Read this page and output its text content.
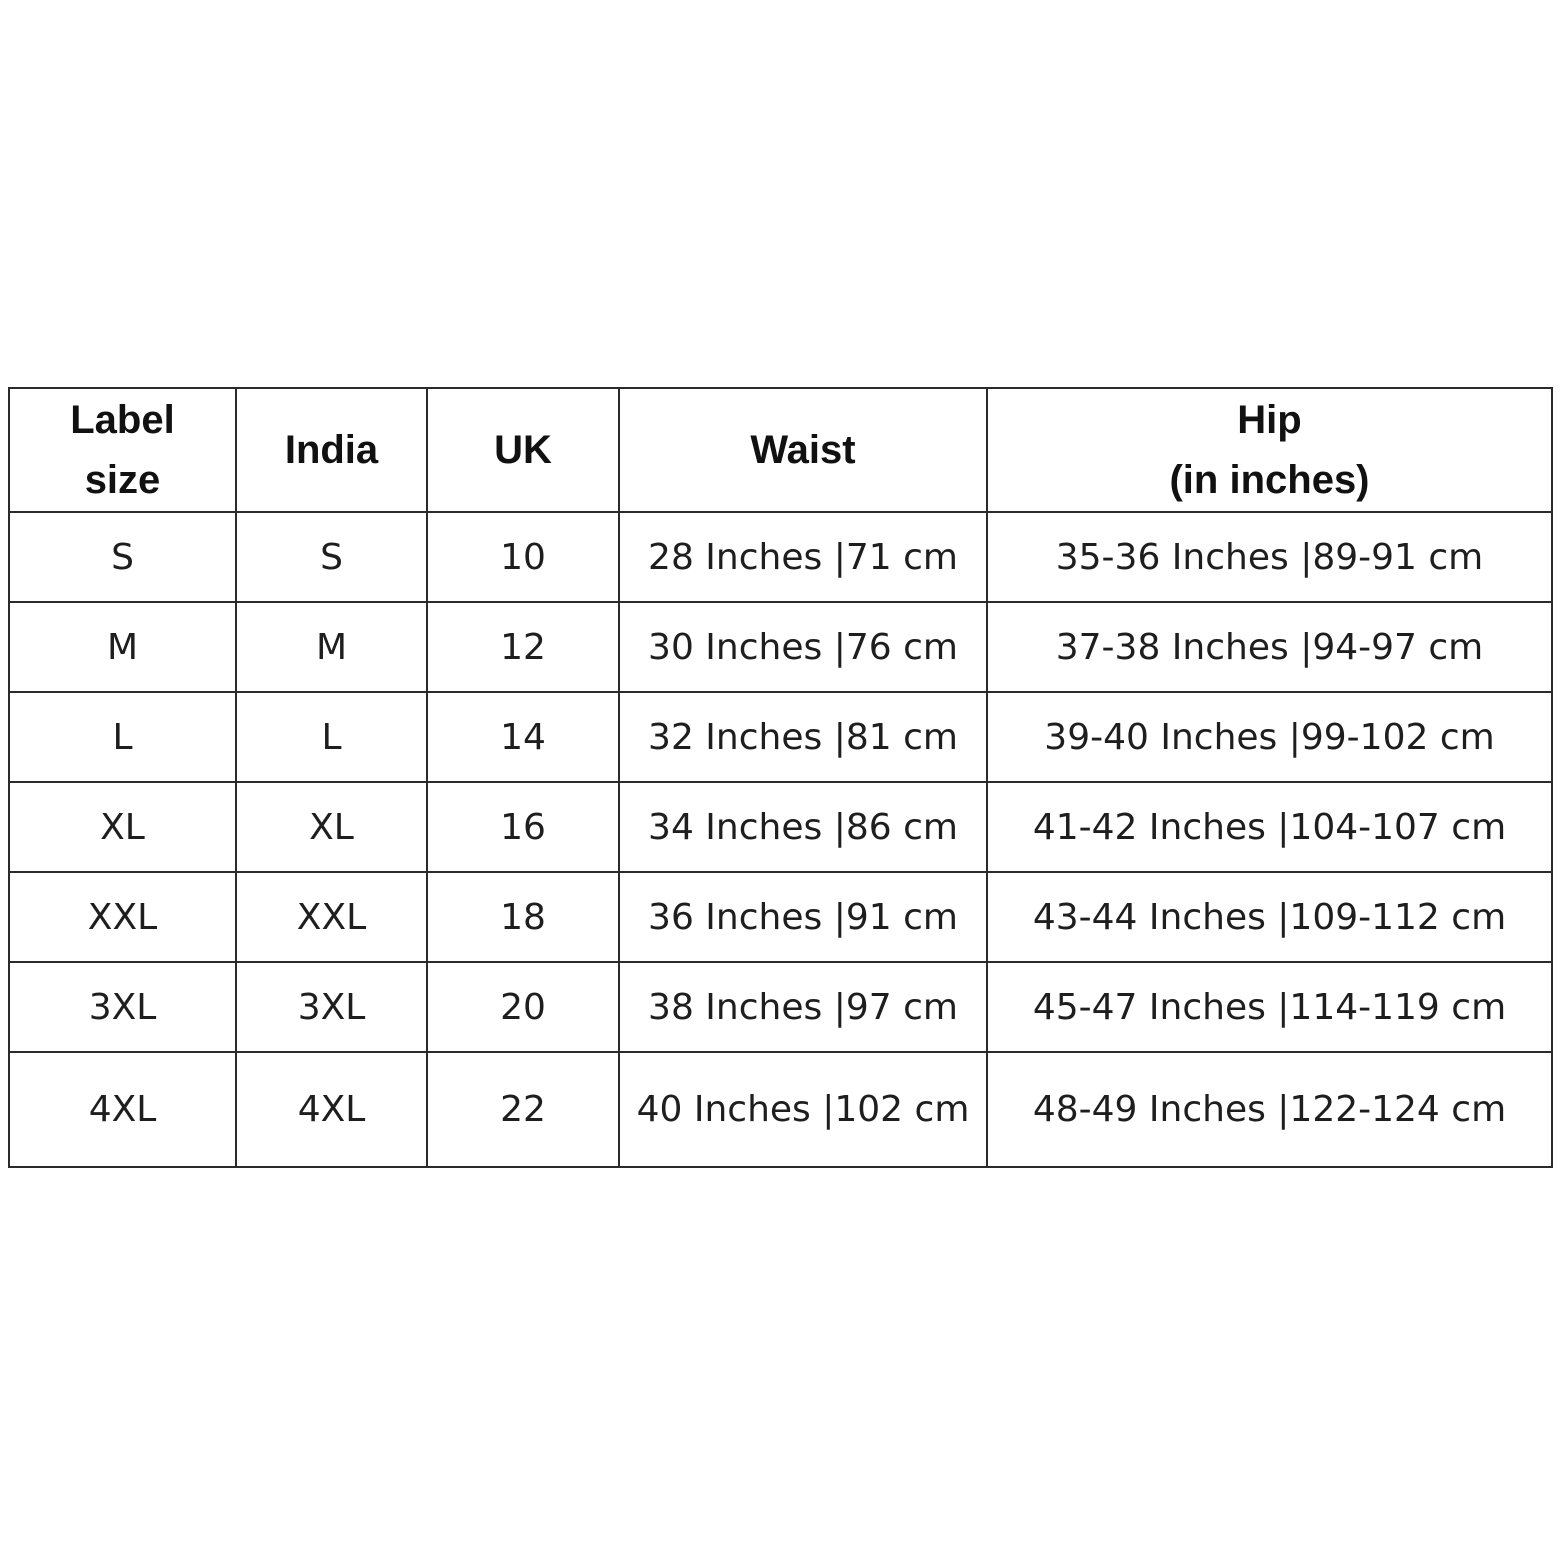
Label
size	India	UK	Waist	Hip
(in inches)

S	S	10	28 Inches |71 cm	35-36 Inches |89-91 cm
M	M	12	30 Inches |76 cm	37-38 Inches |94-97 cm
L	L	14	32 Inches |81 cm	39-40 Inches |99-102 cm
XL	XL	16	34 Inches |86 cm	41-42 Inches |104-107 cm
XXL	XXL	18	36 Inches |91 cm	43-44 Inches |109-112 cm
3XL	3XL	20	38 Inches |97 cm	45-47 Inches |114-119 cm
4XL	4XL	22	40 Inches |102 cm	48-49 Inches |122-124 cm
